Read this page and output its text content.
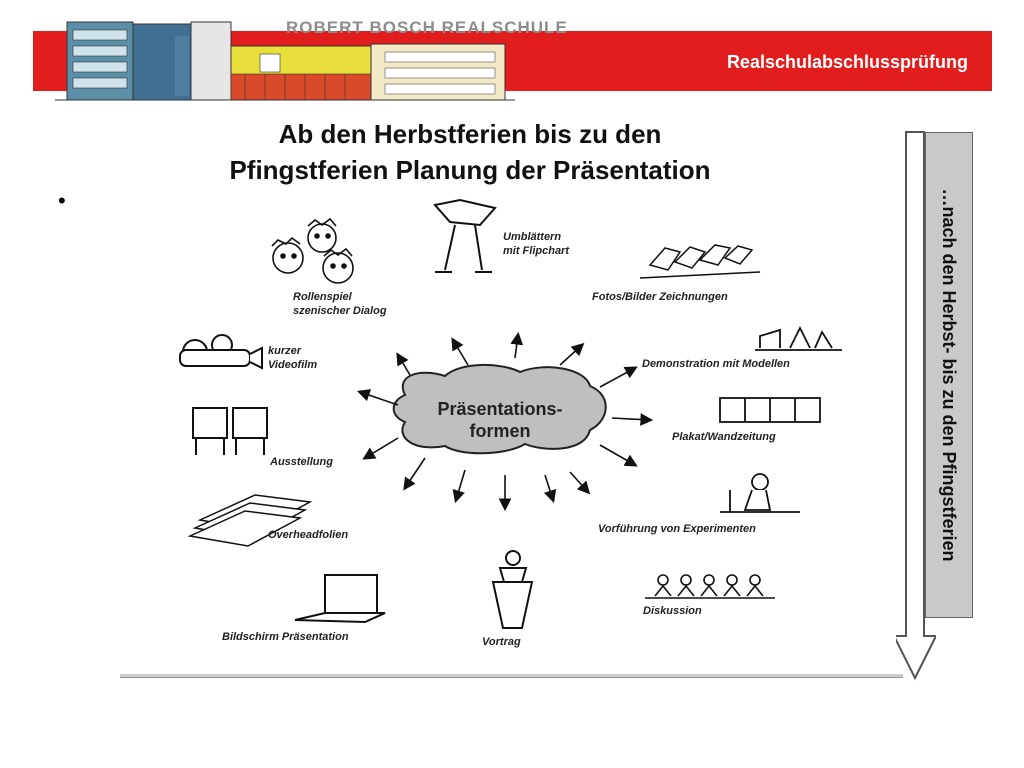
ROBERT BOSCH REALSCHULE
Realschulabschlussprüfung
Ab den Herbstferien bis zu den
Pfingstferien Planung der Präsentation
•
Präsentations-
formen
Umblättern
mit Flipchart
Rollenspiel
szenischer Dialog
Fotos/Bilder Zeichnungen
kurzer
Videofilm	Demonstration mit Modellen
Ausstellung
Plakat/Wandzeitung
Overheadfolien	Vorführung von Experimenten
Vortrag
Diskussion
Bildschirm Präsentation
…nach den Herbst- bis zu den Pfingstferien
